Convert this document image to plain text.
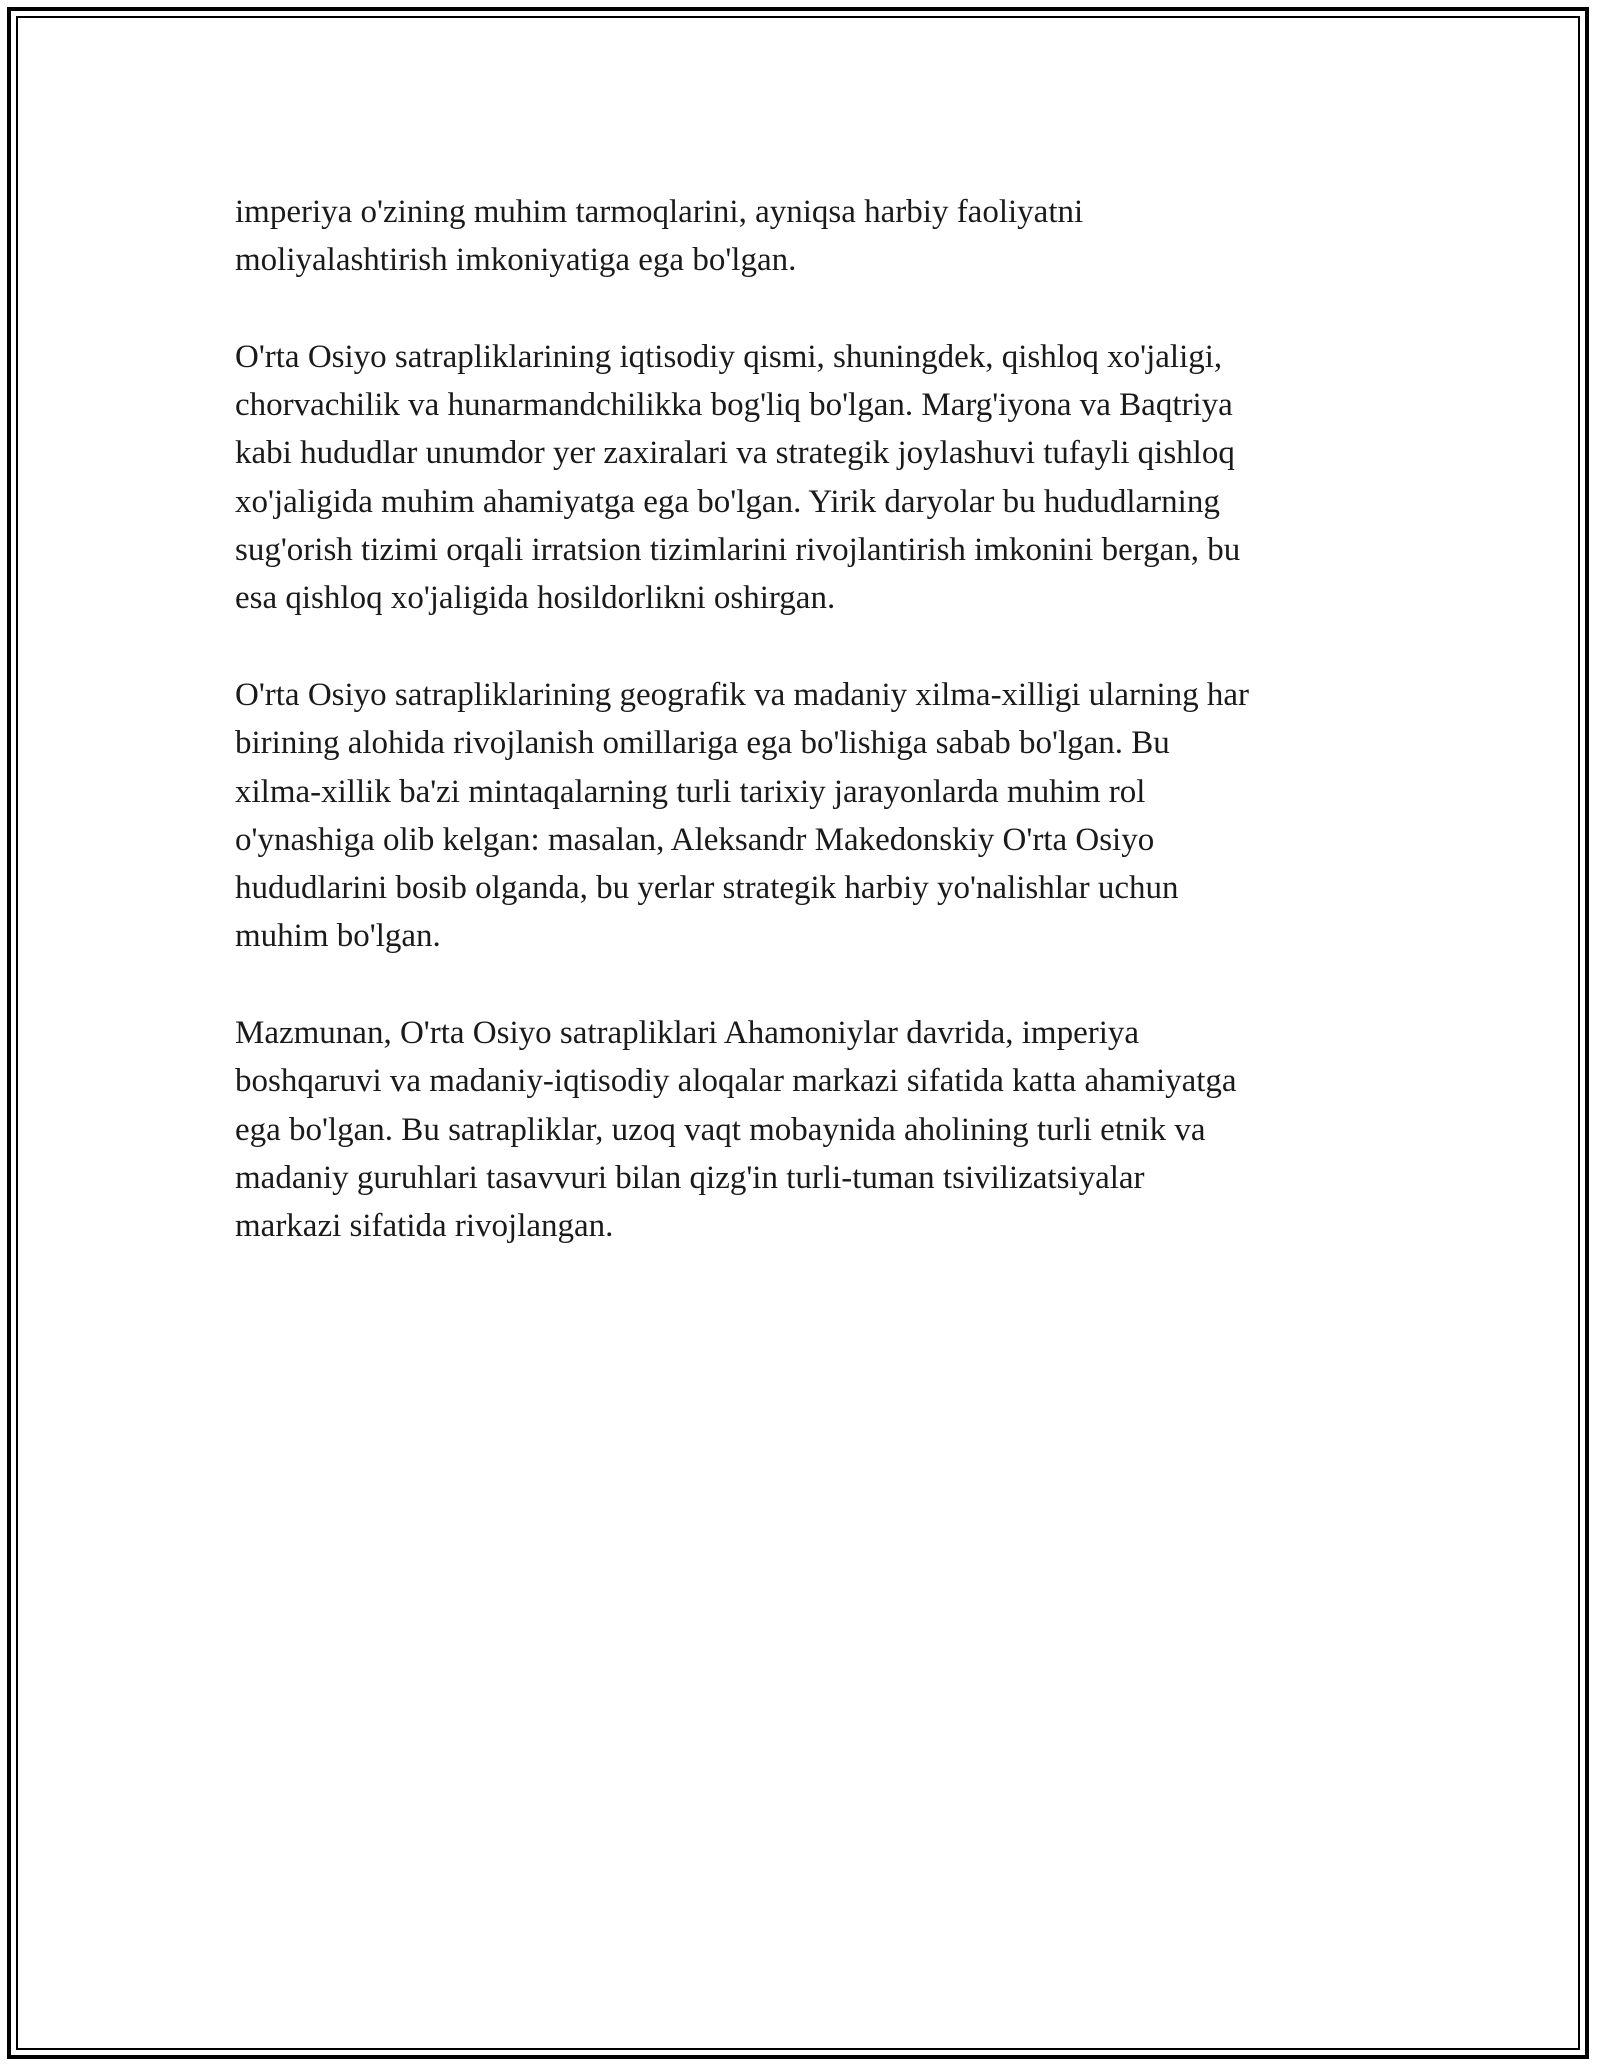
imperiya o'zining muhim tarmoqlarini, ayniqsa harbiy faoliyatni
moliyalashtirish imkoniyatiga ega bo'lgan.

O'rta Osiyo satrapliklarining iqtisodiy qismi, shuningdek, qishloq xo'jaligi,
chorvachilik va hunarmandchilikka bog'liq bo'lgan. Marg'iyona va Baqtriya
kabi hududlar unumdor yer zaxiralari va strategik joylashuvi tufayli qishloq
xo'jaligida muhim ahamiyatga ega bo'lgan. Yirik daryolar bu hududlarning
sug'orish tizimi orqali irratsion tizimlarini rivojlantirish imkonini bergan, bu
esa qishloq xo'jaligida hosildorlikni oshirgan.

O'rta Osiyo satrapliklarining geografik va madaniy xilma-xilligi ularning har
birining alohida rivojlanish omillariga ega bo'lishiga sabab bo'lgan. Bu
xilma-xillik ba'zi mintaqalarning turli tarixiy jarayonlarda muhim rol
o'ynashiga olib kelgan: masalan, Aleksandr Makedonskiy O'rta Osiyo
hududlarini bosib olganda, bu yerlar strategik harbiy yo'nalishlar uchun
muhim bo'lgan.

Mazmunan, O'rta Osiyo satrapliklari Ahamoniylar davrida, imperiya
boshqaruvi va madaniy-iqtisodiy aloqalar markazi sifatida katta ahamiyatga
ega bo'lgan. Bu satrapliklar, uzoq vaqt mobaynida aholining turli etnik va
madaniy guruhlari tasavvuri bilan qizg'in turli-tuman tsivilizatsiyalar
markazi sifatida rivojlangan.
